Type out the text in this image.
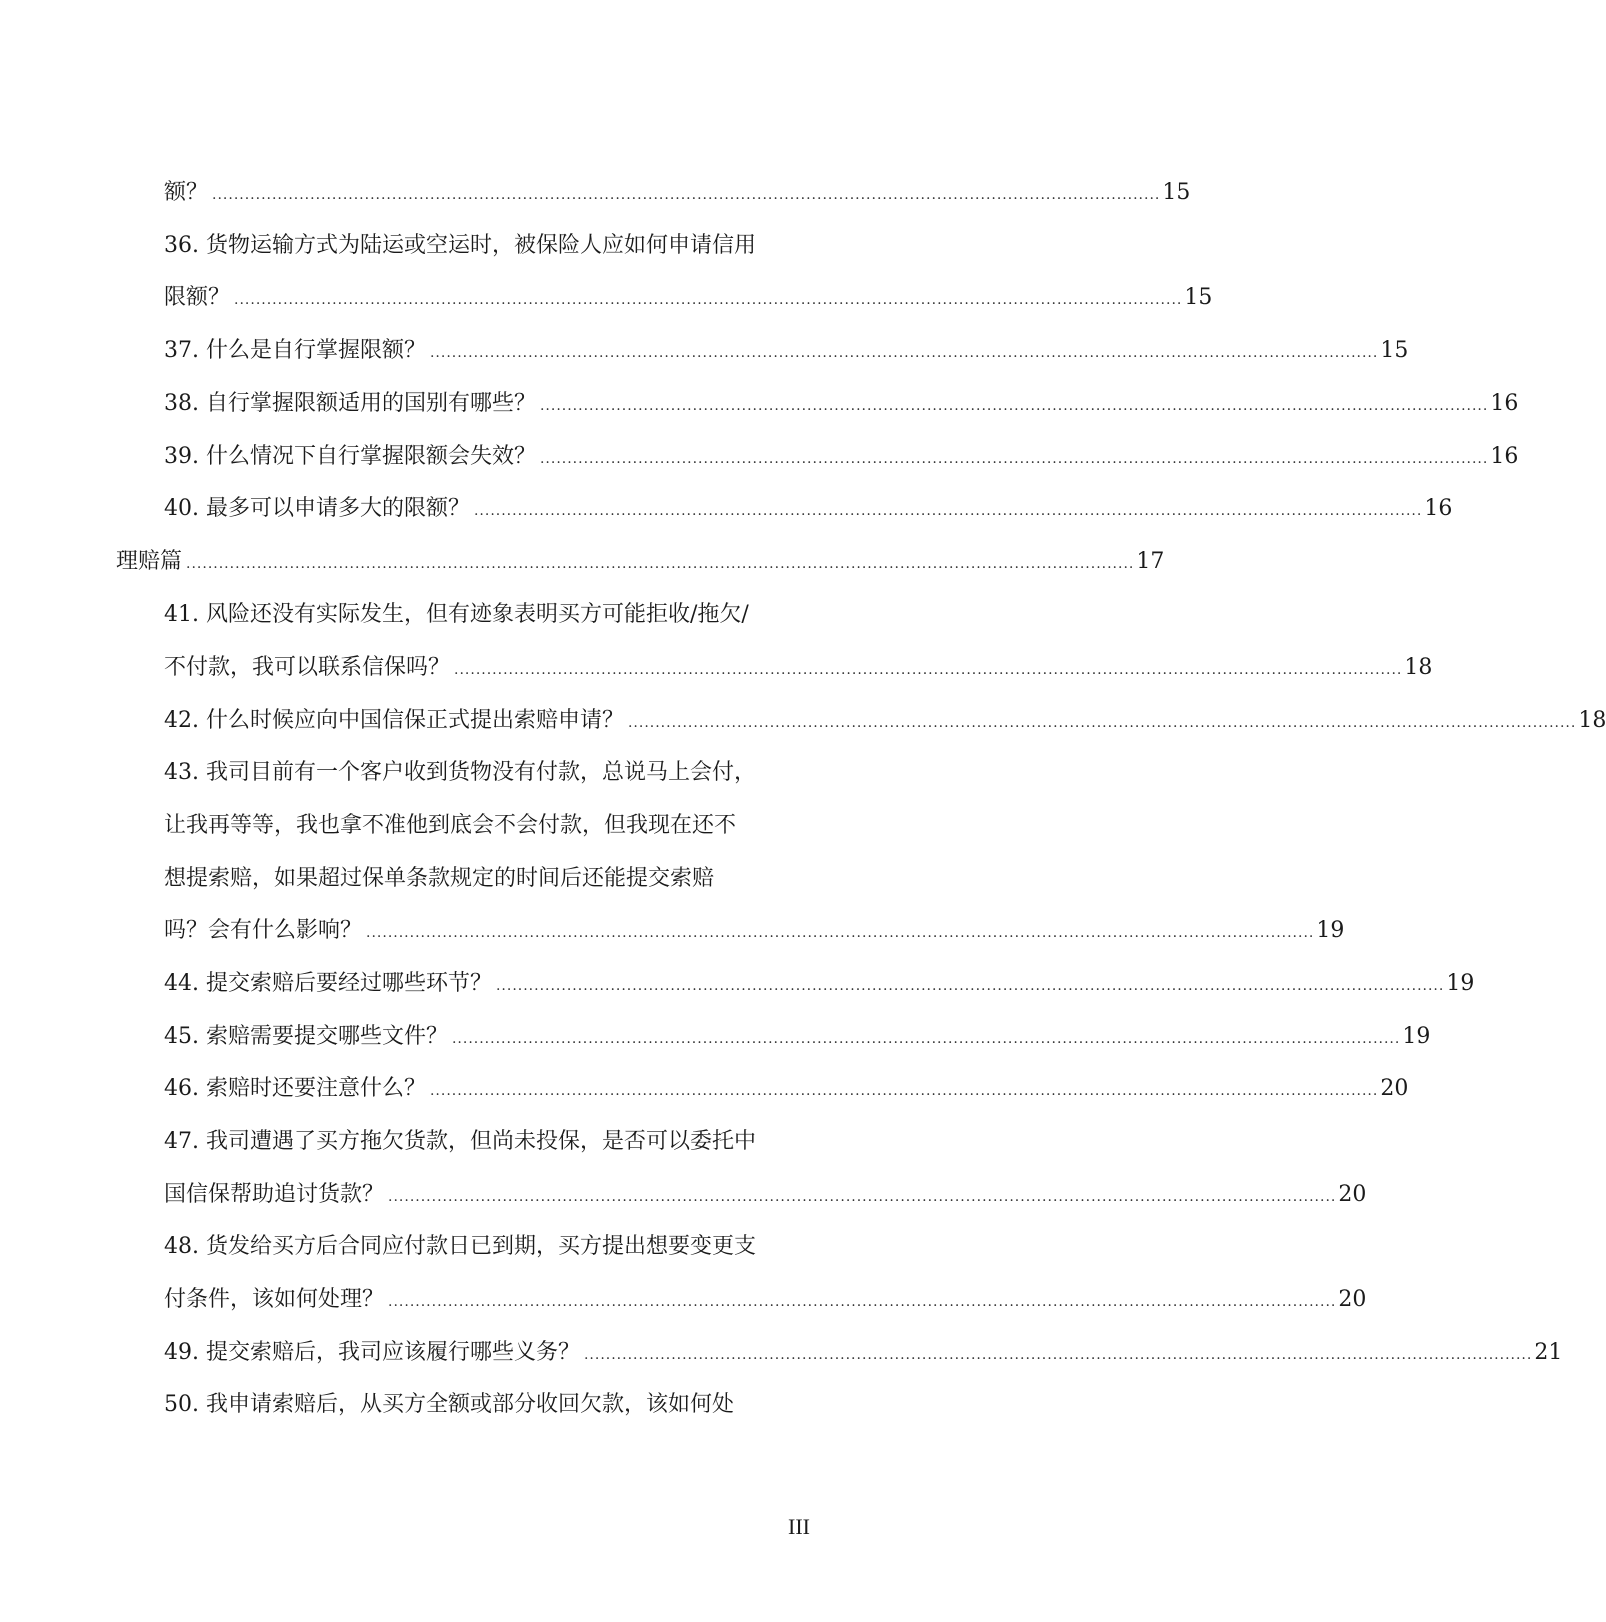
额？ .............................................................................................................................................................................. 15
36. 货物运输方式为陆运或空运时，被保险人应如何申请信用
限额？ .............................................................................................................................................................................. 15
37. 什么是自行掌握限额？ .............................................................................................................................................................................. 15
38. 自行掌握限额适用的国别有哪些？ .............................................................................................................................................................................. 16
39. 什么情况下自行掌握限额会失效？ .............................................................................................................................................................................. 16
40. 最多可以申请多大的限额？ .............................................................................................................................................................................. 16
理赔篇 .............................................................................................................................................................................. 17
41. 风险还没有实际发生，但有迹象表明买方可能拒收/拖欠/
不付款，我可以联系信保吗？ .............................................................................................................................................................................. 18
42. 什么时候应向中国信保正式提出索赔申请？ .............................................................................................................................................................................. 18
43. 我司目前有一个客户收到货物没有付款，总说马上会付，
让我再等等，我也拿不准他到底会不会付款，但我现在还不
想提索赔，如果超过保单条款规定的时间后还能提交索赔
吗？会有什么影响？ .............................................................................................................................................................................. 19
44. 提交索赔后要经过哪些环节？ .............................................................................................................................................................................. 19
45. 索赔需要提交哪些文件？ .............................................................................................................................................................................. 19
46. 索赔时还要注意什么？ .............................................................................................................................................................................. 20
47. 我司遭遇了买方拖欠货款，但尚未投保，是否可以委托中
国信保帮助追讨货款？ .............................................................................................................................................................................. 20
48. 货发给买方后合同应付款日已到期，买方提出想要变更支
付条件，该如何处理？ .............................................................................................................................................................................. 20
49. 提交索赔后，我司应该履行哪些义务？ .............................................................................................................................................................................. 21
50. 我申请索赔后，从买方全额或部分收回欠款，该如何处
III
